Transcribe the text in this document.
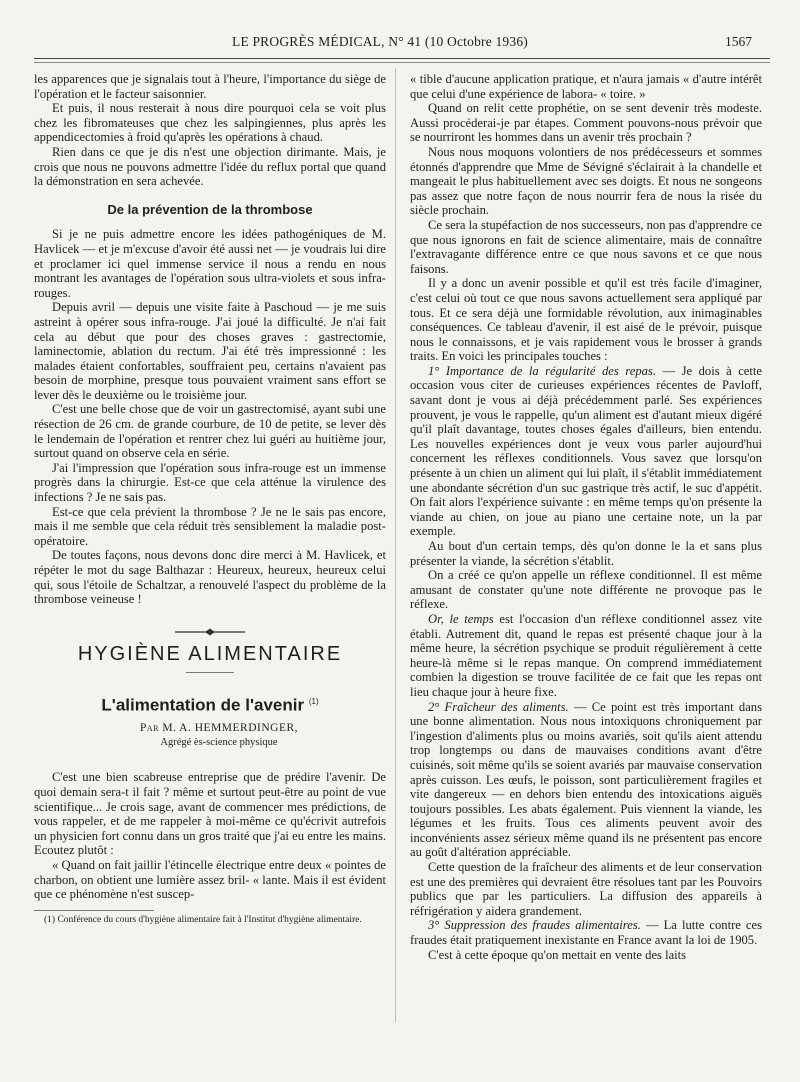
LE PROGRÈS MÉDICAL, N° 41 (10 Octobre 1936)	1567

les apparences que je signalais tout à l'heure, l'importance du siège de l'opération et le facteur saisonnier.

Et puis, il nous resterait à nous dire pourquoi cela se voit plus chez les fibromateuses que chez les salpingiennes, plus après les appendicectomies à froid qu'après les opérations à chaud.

Rien dans ce que je dis n'est une objection dirimante. Mais, je crois que nous ne pouvons admettre l'idée du reflux portal que quand la démonstration en sera achevée.

De la prévention de la thrombose

Si je ne puis admettre encore les idées pathogéniques de M. Havlicek — et je m'excuse d'avoir été aussi net — je voudrais lui dire et proclamer ici quel immense service il nous a rendu en nous montrant les avantages de l'opération sous ultra-violets et sous infra-rouges.

Depuis avril — depuis une visite faite à Paschoud — je me suis astreint à opérer sous infra-rouge. J'ai joué la difficulté. Je n'ai fait cela au début que pour des choses graves : gastrectomie, laminectomie, ablation du rectum. J'ai été très impressionné : les malades étaient confortables, souffraient peu, certains n'avaient pas besoin de morphine, presque tous pouvaient vraiment sans effort se lever dès le deuxième ou le troisième jour.

C'est une belle chose que de voir un gastrectomisé, ayant subi une résection de 26 cm. de grande courbure, de 10 de petite, se lever dès le lendemain de l'opération et rentrer chez lui guéri au huitième jour, surtout quand on observe cela en série.

J'ai l'impression que l'opération sous infra-rouge est un immense progrès dans la chirurgie. Est-ce que cela atténue la virulence des infections ? Je ne sais pas.

Est-ce que cela prévient la thrombose ? Je ne le sais pas encore, mais il me semble que cela réduit très sensiblement la maladie post-opératoire.

De toutes façons, nous devons donc dire merci à M. Havlicek, et répéter le mot du sage Balthazar : Heureux, heureux, heureux celui qui, sous l'étoile de Schaltzar, a renouvelé l'aspect du problème de la thrombose veineuse !

HYGIÈNE ALIMENTAIRE
L'alimentation de l'avenir $^{(1)}$

Par M. A. HEMMERDINGER,

Agrégé ès-science physique

C'est une bien scabreuse entreprise que de prédire l'avenir. De quoi demain sera-t il fait ? même et surtout peut-être au point de vue scientifique... Je crois sage, avant de commencer mes prédictions, de vous rappeler, et de me rappeler à moi-même ce qu'écrivit autrefois un physicien fort connu dans un gros traité que j'ai eu entre les mains. Ecoutez plutôt :

« Quand on fait jaillir l'étincelle électrique entre deux « pointes de charbon, on obtient une lumière assez bril- « lante. Mais il est évident que ce phénomène n'est suscep-

(1) Conférence du cours d'hygiène alimentaire fait à l'Institut d'hygiène alimentaire.

« tible d'aucune application pratique, et n'aura jamais « d'autre intérêt que celui d'une expérience de labora- « toire. »

Quand on relit cette prophétie, on se sent devenir très modeste. Aussi procéderai-je par étapes. Comment pouvons-nous prévoir que se nourriront les hommes dans un avenir très prochain ?

Nous nous moquons volontiers de nos prédécesseurs et sommes étonnés d'apprendre que Mme de Sévigné s'éclairait à la chandelle et mangeait le plus habituellement avec ses doigts. Et nous ne songeons pas assez que notre façon de nous nourrir fera de nous la risée du siècle prochain.

Ce sera la stupéfaction de nos successeurs, non pas d'apprendre ce que nous ignorons en fait de science alimentaire, mais de connaître l'extravagante différence entre ce que nous savons et ce que nous faisons.

Il y a donc un avenir possible et qu'il est très facile d'imaginer, c'est celui où tout ce que nous savons actuellement sera appliqué par tous. Et ce sera déjà une formidable révolution, aux inimaginables conséquences. Ce tableau d'avenir, il est aisé de le prévoir, puisque nous le connaissons, et je vais rapidement vous le brosser à grands traits. En voici les principales touches :

1° Importance de la régularité des repas. — Je dois à cette occasion vous citer de curieuses expériences récentes de Pavloff, savant dont je vous ai déjà précédemment parlé. Ses expériences prouvent, je vous le rappelle, qu'un aliment est d'autant mieux digéré qu'il plaît davantage, toutes choses égales d'ailleurs, bien entendu. Les nouvelles expériences dont je veux vous parler aujourd'hui concernent les réflexes conditionnels. Vous savez que lorsqu'on présente à un chien un aliment qui lui plaît, il s'établit immédiatement une abondante sécrétion d'un suc gastrique très actif, le suc d'appétit. On fait alors l'expérience suivante : en même temps qu'on présente la viande au chien, on joue au piano une certaine note, un la par exemple.

Au bout d'un certain temps, dès qu'on donne le la et sans plus présenter la viande, la sécrétion s'établit.

On a créé ce qu'on appelle un réflexe conditionnel. Il est même amusant de constater qu'une note différente ne provoque pas le réflexe.

Or, le temps est l'occasion d'un réflexe conditionnel assez vite établi. Autrement dit, quand le repas est présenté chaque jour à la même heure, la sécrétion psychique se produit régulièrement à cette heure-là même si le repas manque. On comprend immédiatement combien la digestion se trouve facilitée de ce fait que les repas ont lieu chaque jour à heure fixe.

2° Fraîcheur des aliments. — Ce point est très important dans une bonne alimentation. Nous nous intoxiquons chroniquement par l'ingestion d'aliments plus ou moins avariés, soit qu'ils aient attendu trop longtemps ou dans de mauvaises conditions avant d'être cuisinés, soit même qu'ils se soient avariés par mauvaise conservation après cuisson. Les œufs, le poisson, sont particulièrement fragiles et vite dangereux — en dehors bien entendu des intoxications aiguës toujours possibles. Les abats également. Puis viennent la viande, les légumes et les fruits. Tous ces aliments peuvent avoir des inconvénients assez sérieux même quand ils ne présentent pas encore au goût d'altération appréciable.

Cette question de la fraîcheur des aliments et de leur conservation est une des premières qui devraient être résolues tant par les Pouvoirs publics que par les particuliers. La diffusion des appareils à réfrigération y aidera grandement.

3° Suppression des fraudes alimentaires. — La lutte contre ces fraudes était pratiquement inexistante en France avant la loi de 1905.

C'est à cette époque qu'on mettait en vente des laits
